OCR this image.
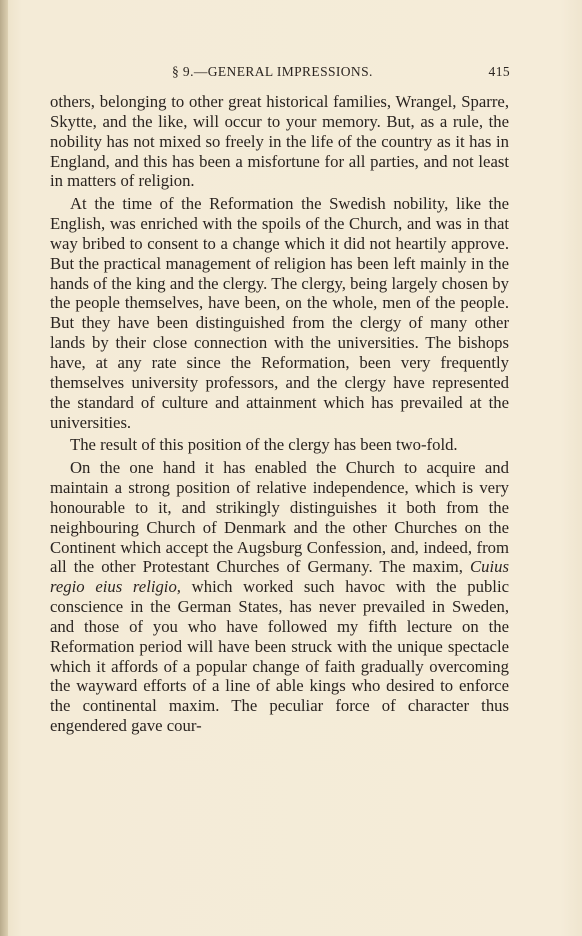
§ 9.—GENERAL IMPRESSIONS.	415

others, belonging to other great historical families, Wrangel, Sparre, Skytte, and the like, will occur to your memory. But, as a rule, the nobility has not mixed so freely in the life of the country as it has in England, and this has been a misfortune for all parties, and not least in matters of religion.

At the time of the Reformation the Swedish nobility, like the English, was enriched with the spoils of the Church, and was in that way bribed to consent to a change which it did not heartily approve. But the practical management of religion has been left mainly in the hands of the king and the clergy. The clergy, being largely chosen by the people themselves, have been, on the whole, men of the people. But they have been distinguished from the clergy of many other lands by their close connection with the universities. The bishops have, at any rate since the Reformation, been very frequently themselves university professors, and the clergy have represented the standard of culture and attainment which has prevailed at the universities.

The result of this position of the clergy has been two-fold.

On the one hand it has enabled the Church to acquire and maintain a strong position of relative independence, which is very honourable to it, and strikingly distinguishes it both from the neighbouring Church of Denmark and the other Churches on the Continent which accept the Augsburg Confession, and, indeed, from all the other Protestant Churches of Germany. The maxim, Cuius regio eius religio, which worked such havoc with the public conscience in the German States, has never prevailed in Sweden, and those of you who have followed my fifth lecture on the Reformation period will have been struck with the unique spectacle which it affords of a popular change of faith gradually overcoming the wayward efforts of a line of able kings who desired to enforce the continental maxim. The peculiar force of character thus engendered gave cour-
